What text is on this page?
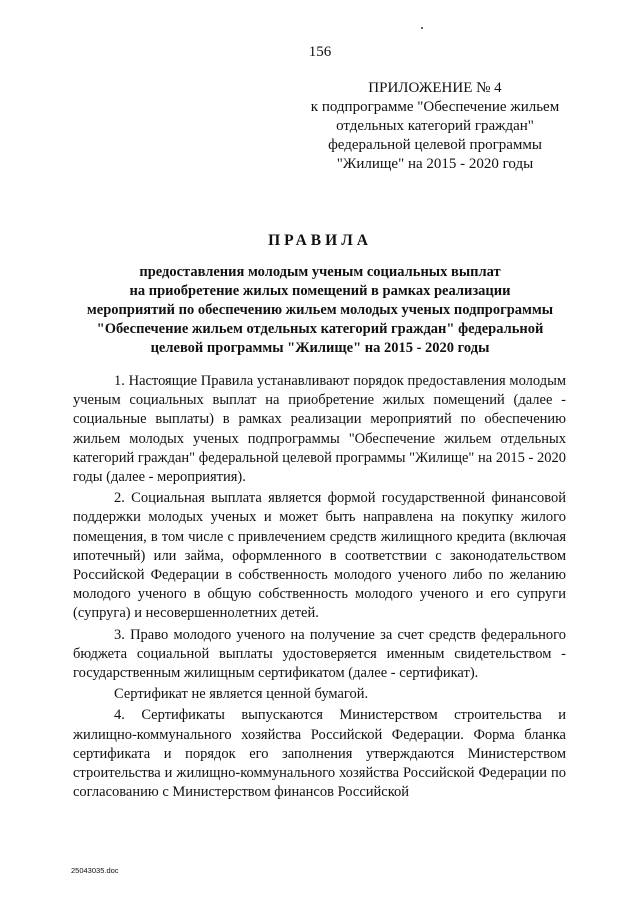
156
ПРИЛОЖЕНИЕ № 4
к подпрограмме "Обеспечение жильем
отдельных категорий граждан"
федеральной целевой программы
"Жилище" на 2015 - 2020 годы
ПРАВИЛА
предоставления молодым ученым социальных выплат
на приобретение жилых помещений в рамках реализации
мероприятий по обеспечению жильем молодых ученых подпрограммы
"Обеспечение жильем отдельных категорий граждан" федеральной
целевой программы "Жилище" на 2015 - 2020 годы

1. Настоящие Правила устанавливают порядок предоставления молодым ученым социальных выплат на приобретение жилых помещений (далее - социальные выплаты) в рамках реализации мероприятий по обеспечению жильем молодых ученых подпрограммы "Обеспечение жильем отдельных категорий граждан" федеральной целевой программы "Жилище" на 2015 - 2020 годы (далее - мероприятия).

2. Социальная выплата является формой государственной финансовой поддержки молодых ученых и может быть направлена на покупку жилого помещения, в том числе с привлечением средств жилищного кредита (включая ипотечный) или займа, оформленного в соответствии с законодательством Российской Федерации в собственность молодого ученого либо по желанию молодого ученого в общую собственность молодого ученого и его супруги (супруга) и несовершеннолетних детей.

3. Право молодого ученого на получение за счет средств федерального бюджета социальной выплаты удостоверяется именным свидетельством - государственным жилищным сертификатом (далее - сертификат).

Сертификат не является ценной бумагой.

4. Сертификаты выпускаются Министерством строительства и жилищно-коммунального хозяйства Российской Федерации. Форма бланка сертификата и порядок его заполнения утверждаются Министерством строительства и жилищно-коммунального хозяйства Российской Федерации по согласованию с Министерством финансов Российской

25043035.doc
